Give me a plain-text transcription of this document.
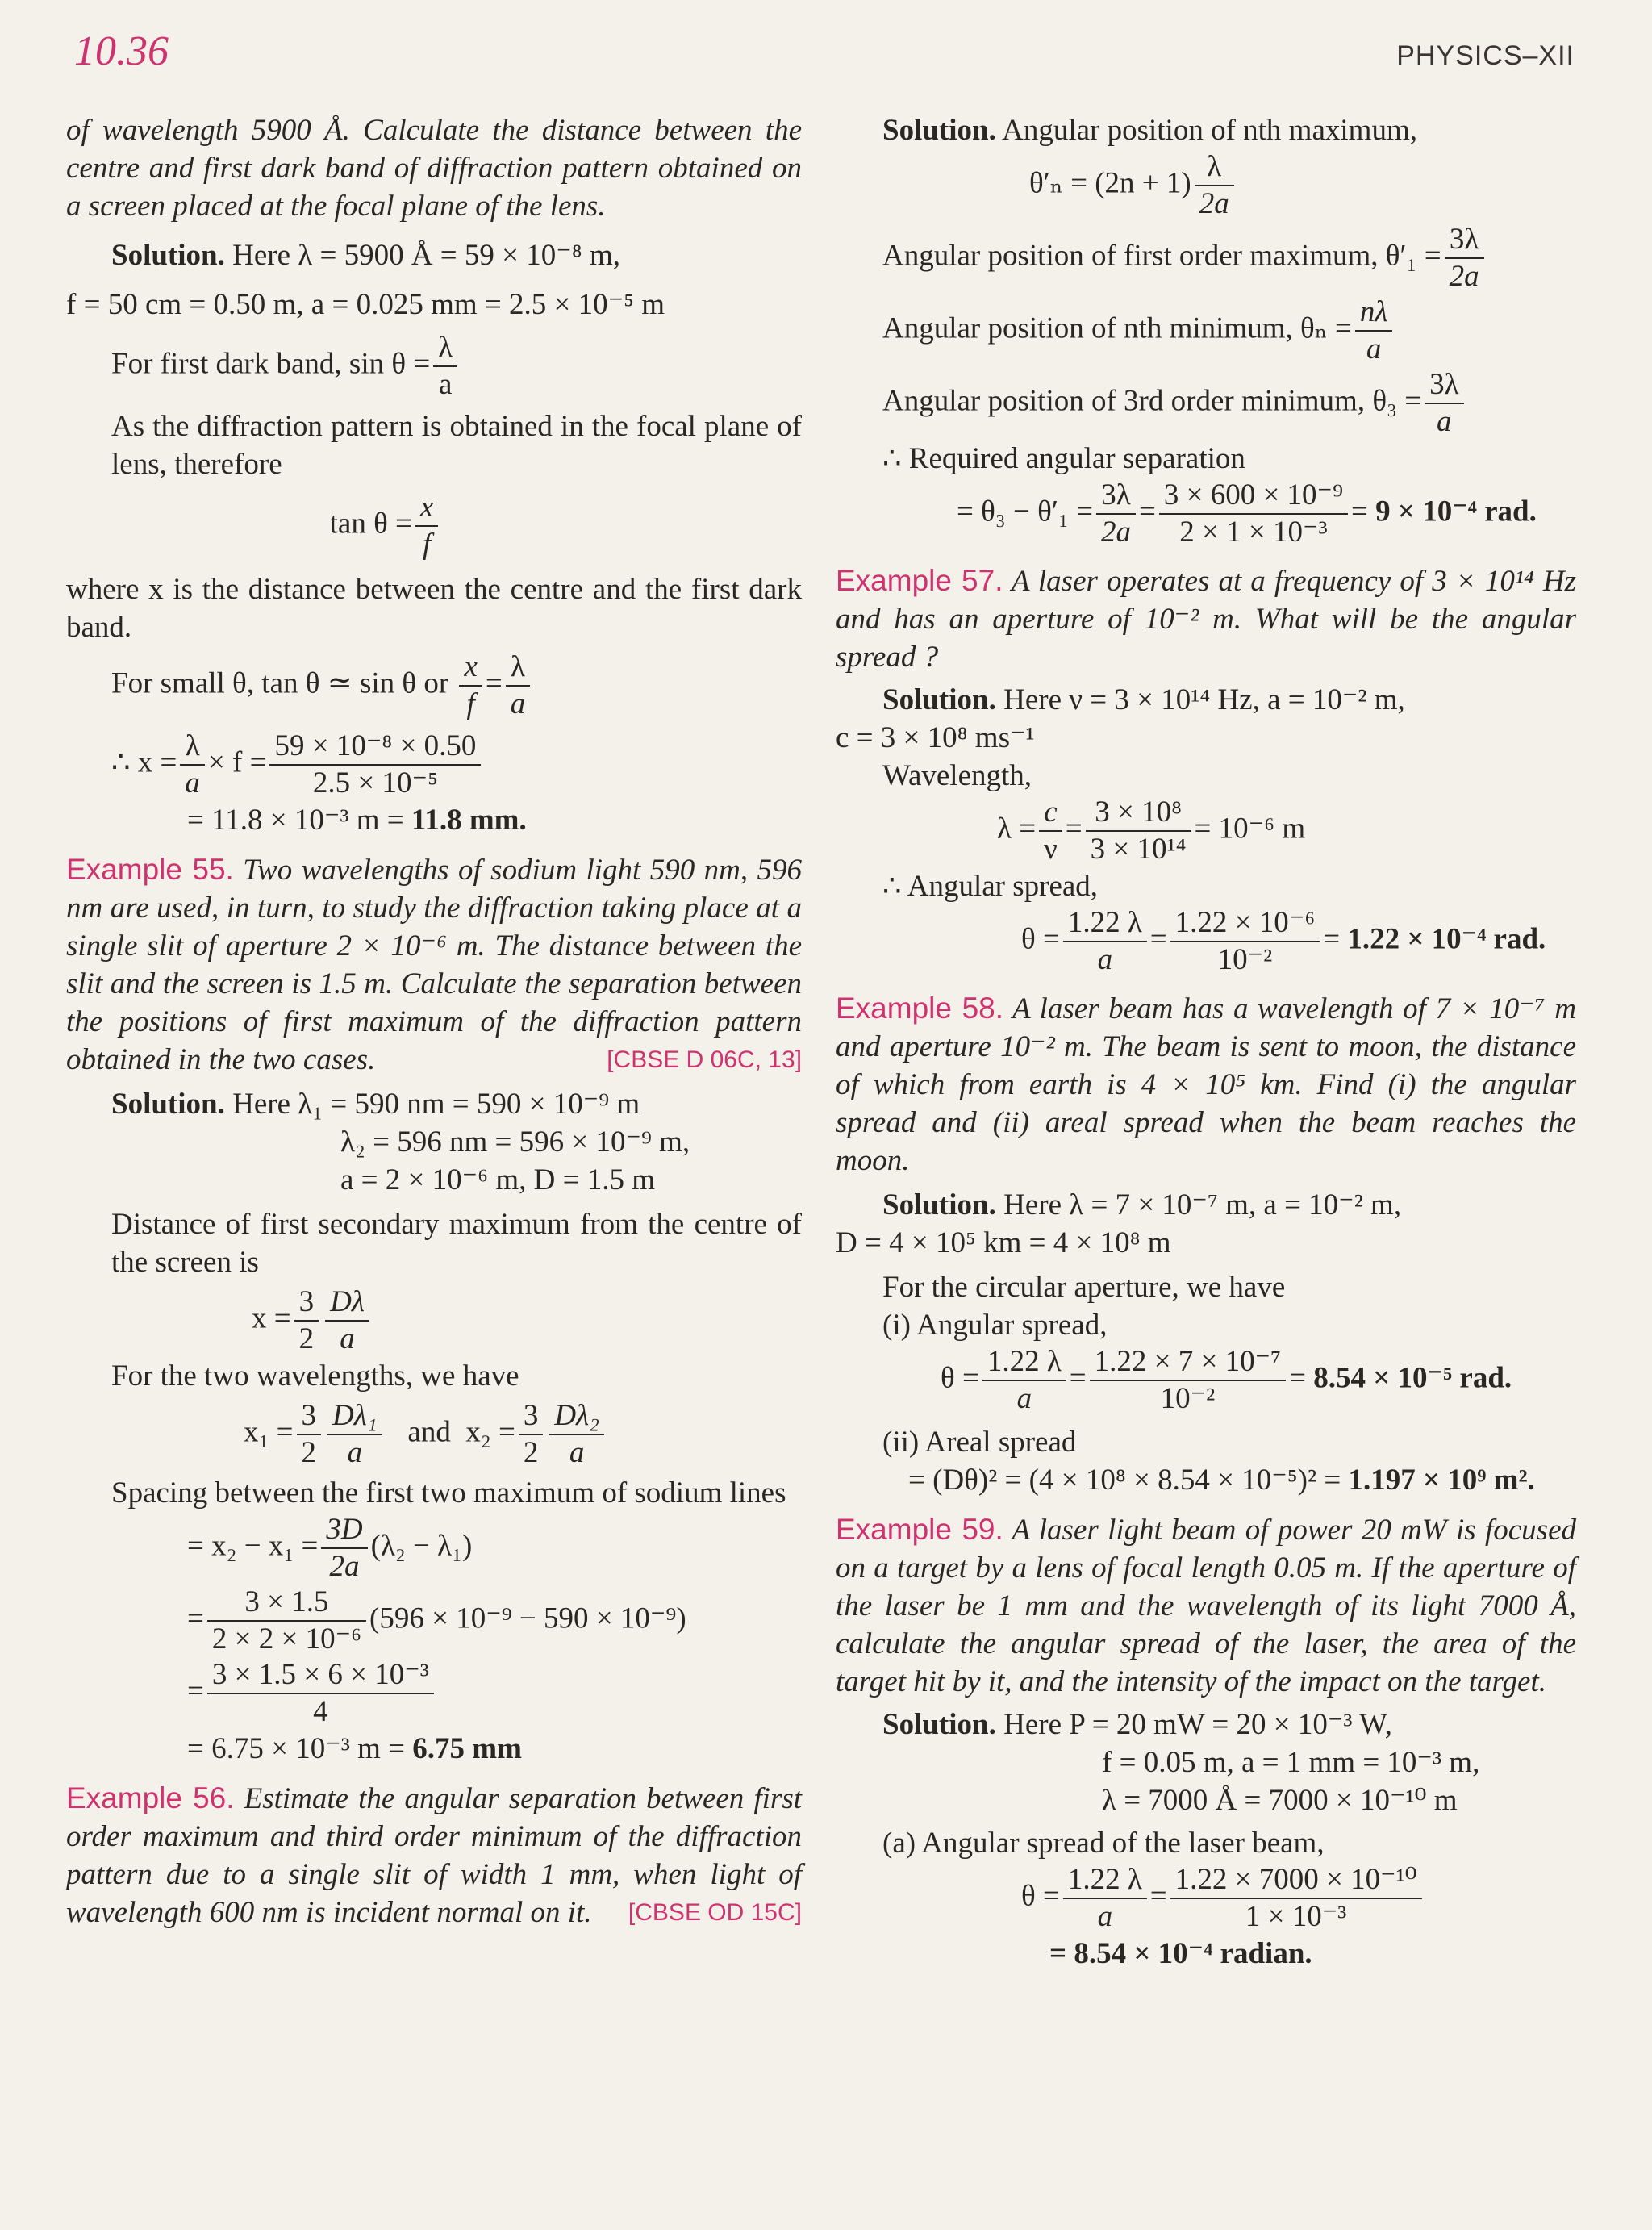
10.36	PHYSICS–XII

of wavelength 5900 Å. Calculate the distance between the centre and first dark band of diffraction pattern obtained on a screen placed at the focal plane of the lens.

Solution. Here λ = 5900 Å = 59 × 10⁻⁸ m,

f = 50 cm = 0.50 m, a = 0.025 mm = 2.5 × 10⁻⁵ m

For first dark band, $\sin \theta = \frac{\lambda}{a}$

As the diffraction pattern is obtained in the focal plane of lens, therefore

$\tan \theta = \frac{x}{f}$

where x is the distance between the centre and the first dark band.

For small θ, tan θ ≃ sin θ or $\frac{x}{f} = \frac{\lambda}{a}$

∴ $x = \frac{\lambda}{a} \times f = \frac{\text{59 × 10⁻⁸ × 0.50}}{\text{2.5 × 10⁻⁵}}$

= 11.8 × 10⁻³ m = 11.8 mm.

Example 55. Two wavelengths of sodium light 590 nm, 596 nm are used, in turn, to study the diffraction taking place at a single slit of aperture 2 × 10⁻⁶ m. The distance between the slit and the screen is 1.5 m. Calculate the separation between the positions of first maximum of the diffraction pattern obtained in the two cases.	[CBSE D 06C, 13]

Solution. Here λ₁ = 590 nm = 590 × 10⁻⁹ m

λ₂ = 596 nm = 596 × 10⁻⁹ m,

a = 2 × 10⁻⁶ m, D = 1.5 m

Distance of first secondary maximum from the centre of the screen is

$x = \frac{3}{2} \frac{D\lambda}{a}$

For the two wavelengths, we have

$x_1 = \frac{3}{2} \frac{\text{Dλ₁}}{a}$ and $x_2 = \frac{3}{2} \frac{\text{Dλ₂}}{a}$

Spacing between the first two maximum of sodium lines

= $x_2 - x_1 = \frac{3D}{2a} (\lambda_2 - \lambda_1)$

= $\frac{3 \times 1.5}{\text{2 × 2 × 10⁻⁶}} (596 \times 10^{-9} - 590 \times 10^{-9})$

= $\frac{\text{3 × 1.5 × 6 × 10⁻³}}{4}$

= 6.75 × 10⁻³ m = 6.75 mm

Example 56. Estimate the angular separation between first order maximum and third order minimum of the diffraction pattern due to a single slit of width 1 mm, when light of wavelength 600 nm is incident normal on it. [CBSE OD 15C]

Solution. Angular position of nth maximum,

$\theta'_n = (2n + 1) \frac{\lambda}{2a}$

Angular position of first order maximum, $\theta'_1 = \frac{3\lambda}{2a}$

Angular position of nth minimum, $\theta_n = \frac{n\lambda}{a}$

Angular position of 3rd order minimum, $\theta_3 = \frac{3\lambda}{a}$

∴ Required angular separation

= $\theta_3 - \theta'_1 = \frac{3\lambda}{2a} = \frac{\text{3 × 600 × 10⁻⁹}}{\text{2 × 1 × 10⁻³}} = 9 \times 10^{-4}$ rad.

Example 57. A laser operates at a frequency of 3 × 10¹⁴ Hz and has an aperture of 10⁻² m. What will be the angular spread ?

Solution. Here ν = 3 × 10¹⁴ Hz, a = 10⁻² m,

c = 3 × 10⁸ ms⁻¹

Wavelength,

$\lambda = \frac{c}{\nu} = \frac{\text{3 × 10⁸}}{\text{3 × 10¹⁴}} = 10^{-6}$ m

∴ Angular spread,

$\theta = \frac{1.22 \lambda}{a} = \frac{\text{1.22 × 10⁻⁶}}{\text{10⁻²}} = 1.22 \times 10^{-4}$ rad.

Example 58. A laser beam has a wavelength of 7 × 10⁻⁷ m and aperture 10⁻² m. The beam is sent to moon, the distance of which from earth is 4 × 10⁵ km. Find (i) the angular spread and (ii) areal spread when the beam reaches the moon.

Solution. Here λ = 7 × 10⁻⁷ m, a = 10⁻² m,

D = 4 × 10⁵ km = 4 × 10⁸ m

For the circular aperture, we have

(i) Angular spread,

$\theta = \frac{1.22 \lambda}{a} = \frac{\text{1.22 × 7 × 10⁻⁷}}{\text{10⁻²}} = 8.54 \times 10^{-5}$ rad.

(ii) Areal spread

= (Dθ)² = (4 × 10⁸ × 8.54 × 10⁻⁵)² = 1.197 × 10⁹ m².

Example 59. A laser light beam of power 20 mW is focused on a target by a lens of focal length 0.05 m. If the aperture of the laser be 1 mm and the wavelength of its light 7000 Å, calculate the angular spread of the laser, the area of the target hit by it, and the intensity of the impact on the target.

Solution. Here P = 20 mW = 20 × 10⁻³ W,

f = 0.05 m, a = 1 mm = 10⁻³ m,

λ = 7000 Å = 7000 × 10⁻¹⁰ m

(a) Angular spread of the laser beam,

$\theta = \frac{1.22 \lambda}{a} = \frac{\text{1.22 × 7000 × 10⁻¹⁰}}{\text{1 × 10⁻³}}$

= 8.54 × 10⁻⁴ radian.
